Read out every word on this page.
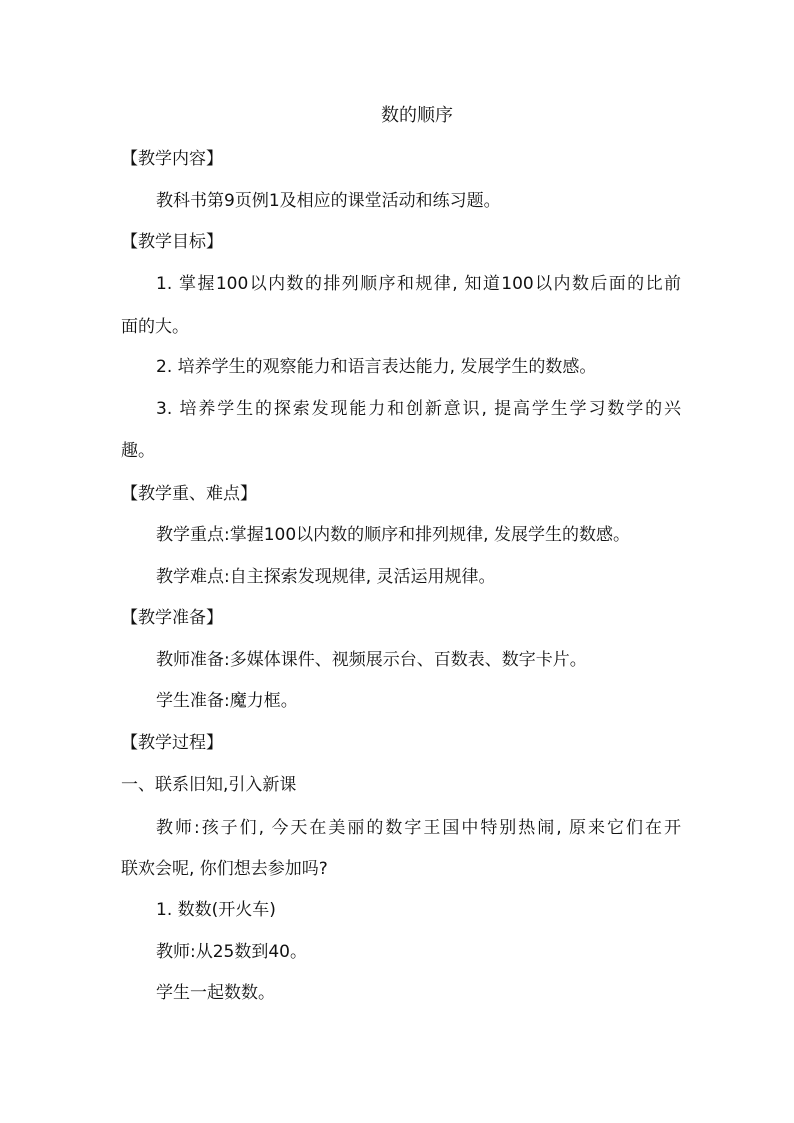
数的顺序
【教学内容】
教科书第9页例1及相应的课堂活动和练习题。
【教学目标】
1. 掌握100以内数的排列顺序和规律, 知道100以内数后面的比前
面的大。
2. 培养学生的观察能力和语言表达能力, 发展学生的数感。
3. 培养学生的探索发现能力和创新意识, 提高学生学习数学的兴
趣。
【教学重、难点】
教学重点:掌握100以内数的顺序和排列规律, 发展学生的数感。
教学难点:自主探索发现规律, 灵活运用规律。
【教学准备】
教师准备:多媒体课件、视频展示台、百数表、数字卡片。
学生准备:魔力框。
【教学过程】
一、联系旧知,引入新课
教师:孩子们, 今天在美丽的数字王国中特别热闹, 原来它们在开
联欢会呢, 你们想去参加吗?
1. 数数(开火车)
教师:从25数到40。
学生一起数数。
